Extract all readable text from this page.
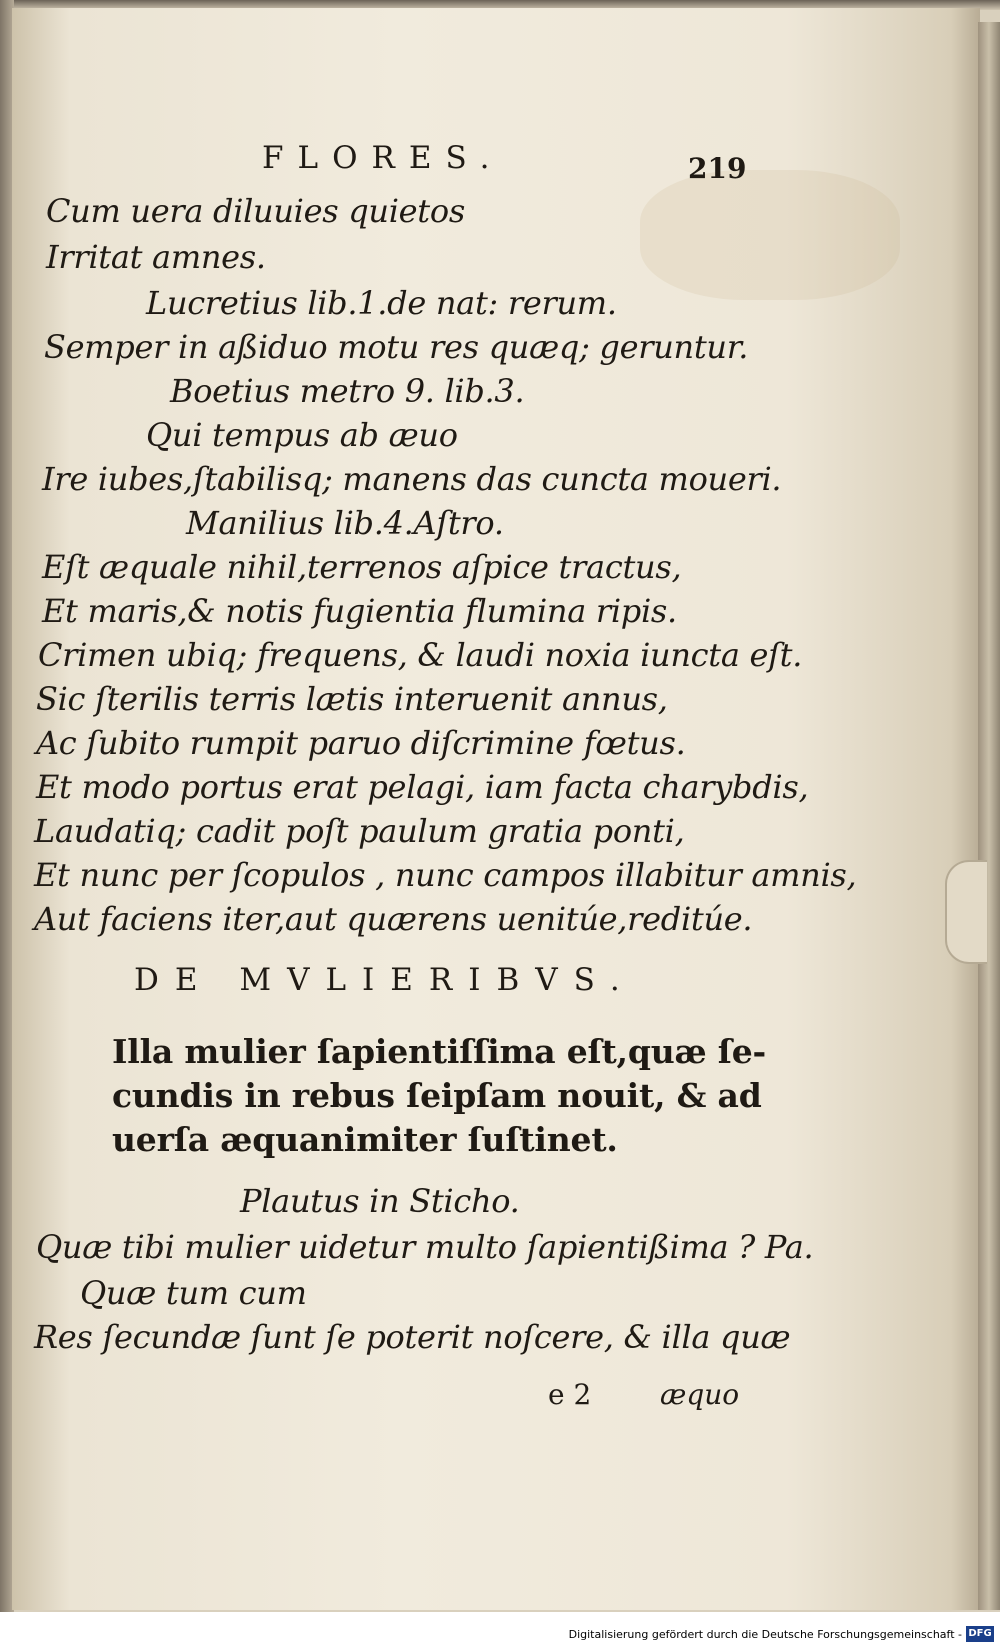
FLORES.	219
Cum uera diluuies quietos
Irritat amnes.
Lucretius lib.1.de nat: rerum.
Semper in aßiduo motu res quæq; geruntur.
Boetius metro 9. lib.3.
Qui tempus ab æuo
Ire iubes,ſtabilisq; manens das cuncta moueri.
Manilius lib.4.Aſtro.
Eſt æquale nihil,terrenos aſpice tractus,
Et maris,& notis fugientia flumina ripis.
Crimen ubiq; frequens, & laudi noxia iuncta eſt.
Sic ſterilis terris lætis interuenit annus,
Ac ſubito rumpit paruo diſcrimine fœtus.
Et modo portus erat pelagi, iam facta charybdis,
Laudatiq; cadit poſt paulum gratia ponti,
Et nunc per ſcopulos , nunc campos illabitur amnis,
Aut faciens iter,aut quærens uenitúe,reditúe.
DE MVLIERIBVS.
Illa mulier ſapientiſſima eſt,quæ ſe-
cundis in rebus ſeipſam nouit, & ad
uerſa æquanimiter ſuſtinet.
Plautus in Sticho.
Quæ tibi mulier uidetur multo ſapientißima ? Pa.
Quæ tum cum
Res ſecundæ ſunt ſe poterit noſcere, & illa quæ
e 2 æquo
Digitalisierung gefördert durch die Deutsche Forschungsgemeinschaft - DFG
